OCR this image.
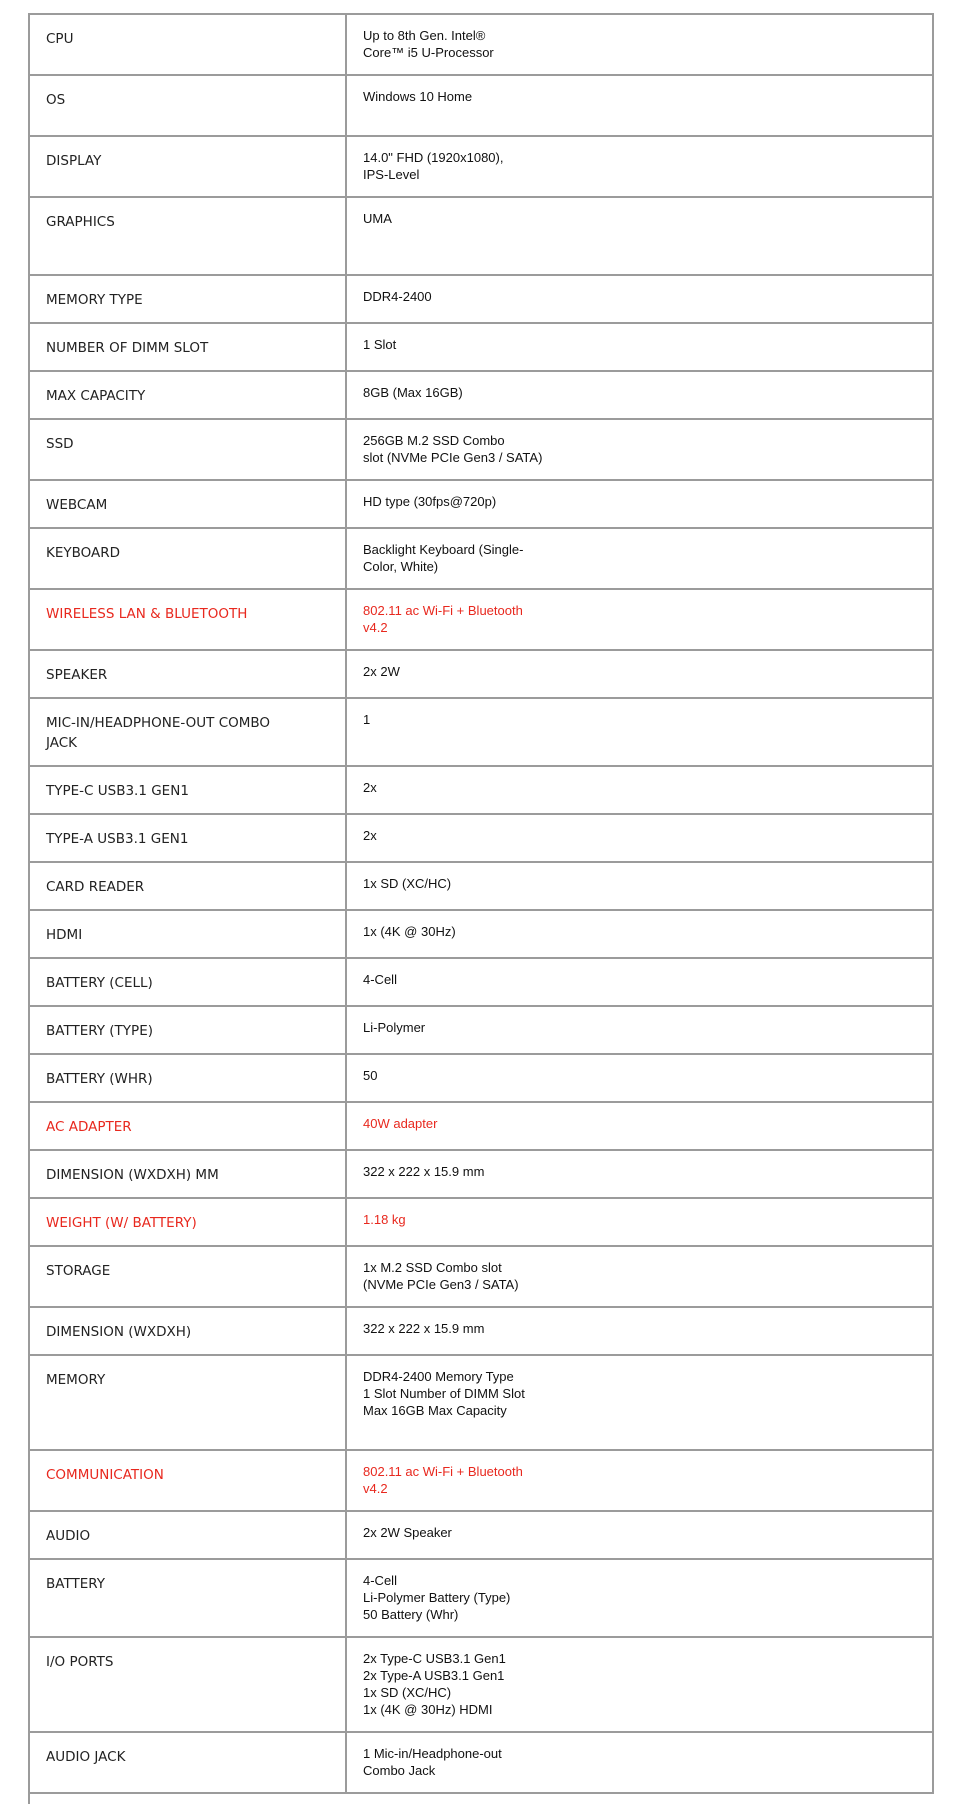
CPU	Up to 8th Gen. Intel®
Core™ i5 U-Processor
OS	Windows 10 Home
DISPLAY	14.0" FHD (1920x1080),
IPS-Level
GRAPHICS	UMA
MEMORY TYPE	DDR4-2400
NUMBER OF DIMM SLOT	1 Slot
MAX CAPACITY	8GB (Max 16GB)
SSD	256GB M.2 SSD Combo
slot (NVMe PCIe Gen3 / SATA)
WEBCAM	HD type (30fps@720p)
KEYBOARD	Backlight Keyboard (Single-
Color, White)
WIRELESS LAN & BLUETOOTH	802.11 ac Wi-Fi + Bluetooth
v4.2
SPEAKER	2x 2W
MIC-IN/HEADPHONE-OUT COMBO JACK	1
TYPE-C USB3.1 GEN1	2x
TYPE-A USB3.1 GEN1	2x
CARD READER	1x SD (XC/HC)
HDMI	1x (4K @ 30Hz)
BATTERY (CELL)	4-Cell
BATTERY (TYPE)	Li-Polymer
BATTERY (WHR)	50
AC ADAPTER	40W adapter
DIMENSION (WXDXH) MM	322 x 222 x 15.9 mm
WEIGHT (W/ BATTERY)	1.18 kg
STORAGE	1x M.2 SSD Combo slot
(NVMe PCIe Gen3 / SATA)
DIMENSION (WXDXH)	322 x 222 x 15.9 mm
MEMORY	DDR4-2400 Memory Type
1 Slot Number of DIMM Slot
Max 16GB Max Capacity
COMMUNICATION	802.11 ac Wi-Fi + Bluetooth
v4.2
AUDIO	2x 2W Speaker
BATTERY	4-Cell
Li-Polymer Battery (Type)
50 Battery (Whr)
I/O PORTS	2x Type-C USB3.1 Gen1
2x Type-A USB3.1 Gen1
1x SD (XC/HC)
1x (4K @ 30Hz) HDMI
AUDIO JACK	1 Mic-in/Headphone-out
Combo Jack
